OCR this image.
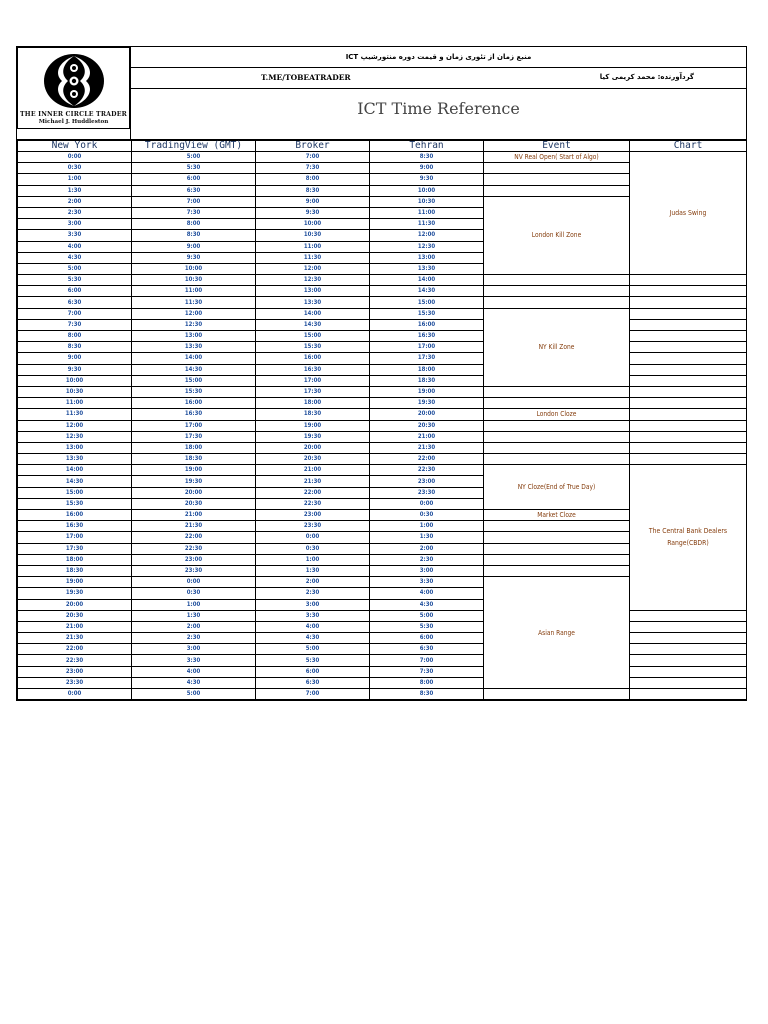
THE INNER CIRCLE TRADER
Michael J. Huddleston
منبع زمان از تئوری زمان و قیمت دوره منتورشیپ ICT
T.ME/TOBEATRADER	گردآورنده: محمد کریمی کیا
ICT Time Reference
New York	TradingView (GMT)	Broker	Tehran	Event	Chart
0:00	5:00	7:00	8:30	NV Real Open( Start of Algo)	Judas Swing
0:30	5:30	7:30	9:00		
1:00	6:00	8:00	9:30		
1:30	6:30	8:30	10:00		
2:00	7:00	9:00	10:30	London Kill Zone	
2:30	7:30	9:30	11:00		
3:00	8:00	10:00	11:30		
3:30	8:30	10:30	12:00		
4:00	9:00	11:00	12:30		
4:30	9:30	11:30	13:00		
5:00	10:00	12:00	13:30		
5:30	10:30	12:30	14:00		
6:00	11:00	13:00	14:30		
6:30	11:30	13:30	15:00		
7:00	12:00	14:00	15:30	NY Kill Zone	
7:30	12:30	14:30	16:00		
8:00	13:00	15:00	16:30		
8:30	13:30	15:30	17:00		
9:00	14:00	16:00	17:30		
9:30	14:30	16:30	18:00		
10:00	15:00	17:00	18:30		
10:30	15:30	17:30	19:00		
11:00	16:00	18:00	19:30		
11:30	16:30	18:30	20:00	London Cloze	
12:00	17:00	19:00	20:30		
12:30	17:30	19:30	21:00		
13:00	18:00	20:00	21:30		
13:30	18:30	20:30	22:00		
14:00	19:00	21:00	22:30	NY Cloze(End of True Day)	The Central Bank Dealers Range(CBDR)
14:30	19:30	21:30	23:00		
15:00	20:00	22:00	23:30		
15:30	20:30	22:30	0:00		
16:00	21:00	23:00	0:30	Market Cloze	
16:30	21:30	23:30	1:00		
17:00	22:00	0:00	1:30		
17:30	22:30	0:30	2:00		
18:00	23:00	1:00	2:30		
18:30	23:30	1:30	3:00		
19:00	0:00	2:00	3:30	Asian Range	
19:30	0:30	2:30	4:00		
20:00	1:00	3:00	4:30		
20:30	1:30	3:30	5:00		
21:00	2:00	4:00	5:30		
21:30	2:30	4:30	6:00		
22:00	3:00	5:00	6:30		
22:30	3:30	5:30	7:00		
23:00	4:00	6:00	7:30		
23:30	4:30	6:30	8:00		
0:00	5:00	7:00	8:30		
